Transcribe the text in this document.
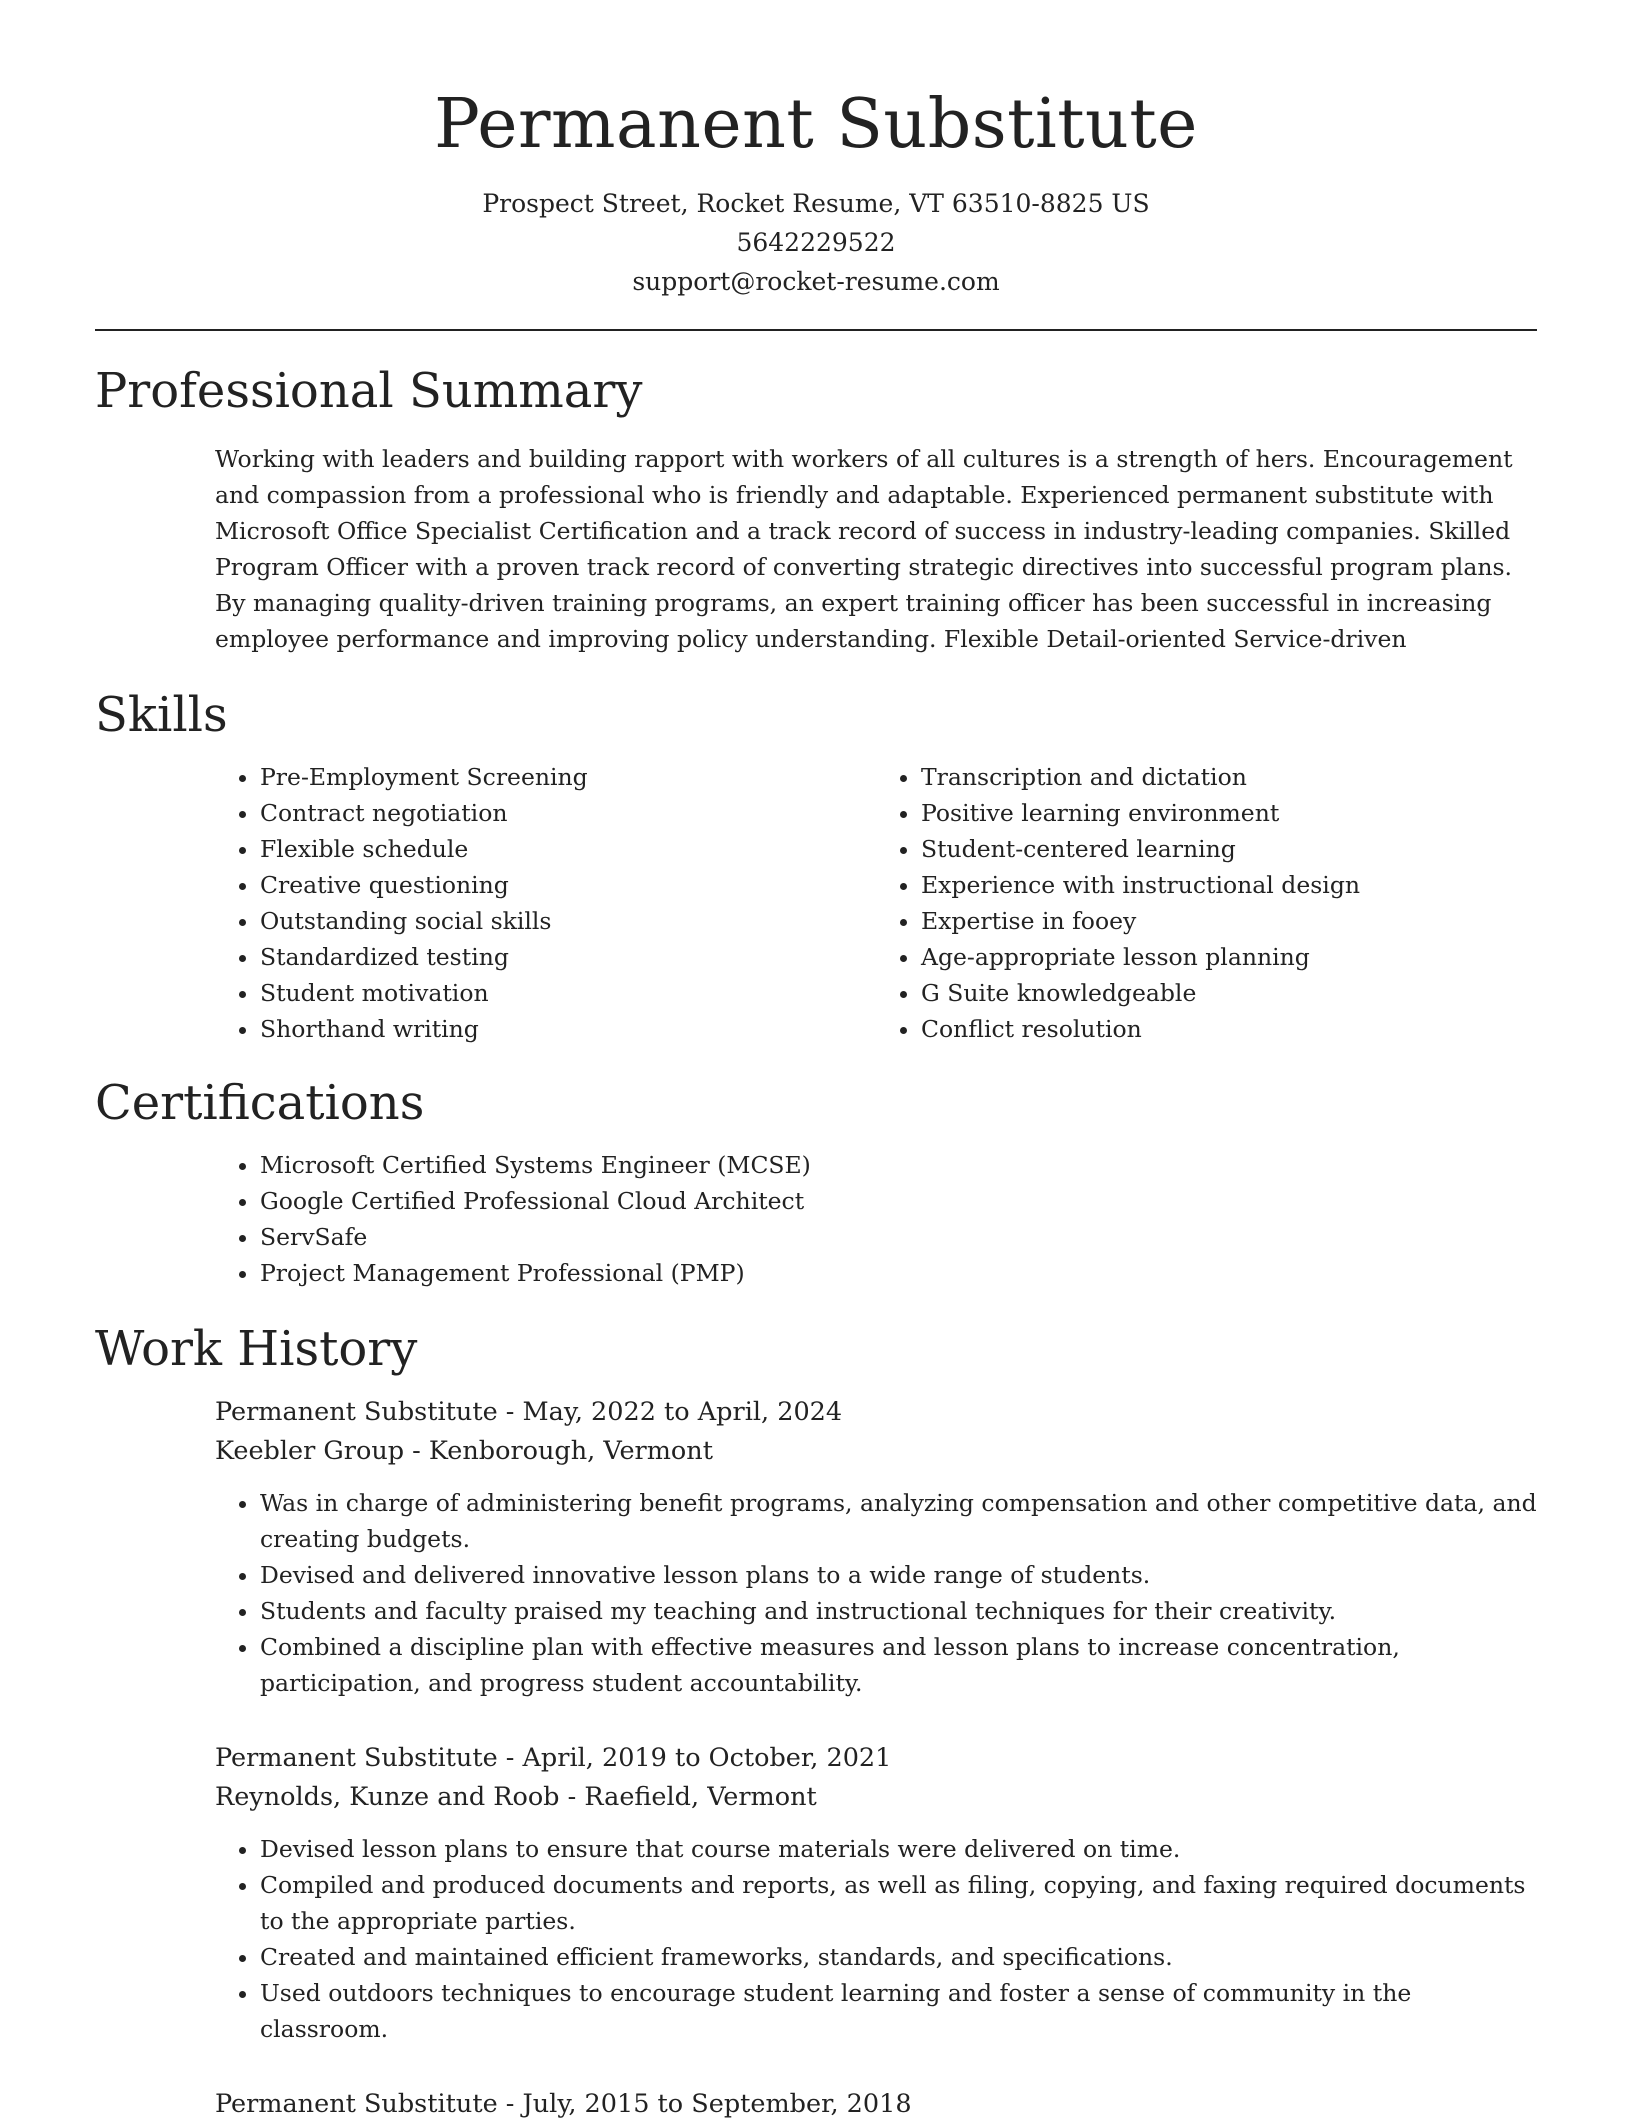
Permanent Substitute
Prospect Street, Rocket Resume, VT 63510-8825 US
5642229522
support@rocket-resume.com
Professional Summary

Working with leaders and building rapport with workers of all cultures is a strength of hers. Encouragement and compassion from a professional who is friendly and adaptable. Experienced permanent substitute with Microsoft Office Specialist Certification and a track record of success in industry-leading companies. Skilled Program Officer with a proven track record of converting strategic directives into successful program plans. By managing quality-driven training programs, an expert training officer has been successful in increasing employee performance and improving policy understanding. Flexible Detail-oriented Service-driven

Skills
• Pre-Employment Screening
• Contract negotiation
• Flexible schedule
• Creative questioning
• Outstanding social skills
• Standardized testing
• Student motivation
• Shorthand writing
• Transcription and dictation
• Positive learning environment
• Student-centered learning
• Experience with instructional design
• Expertise in fooey
• Age-appropriate lesson planning
• G Suite knowledgeable
• Conflict resolution
Certifications
• Microsoft Certified Systems Engineer (MCSE)
• Google Certified Professional Cloud Architect
• ServSafe
• Project Management Professional (PMP)
Work History
Permanent Substitute - May, 2022 to April, 2024
Keebler Group - Kenborough, Vermont
• Was in charge of administering benefit programs, analyzing compensation and other competitive data, and creating budgets.
• Devised and delivered innovative lesson plans to a wide range of students.
• Students and faculty praised my teaching and instructional techniques for their creativity.
• Combined a discipline plan with effective measures and lesson plans to increase concentration, participation, and progress student accountability.
Permanent Substitute - April, 2019 to October, 2021
Reynolds, Kunze and Roob - Raefield, Vermont
• Devised lesson plans to ensure that course materials were delivered on time.
• Compiled and produced documents and reports, as well as filing, copying, and faxing required documents to the appropriate parties.
• Created and maintained efficient frameworks, standards, and specifications.
• Used outdoors techniques to encourage student learning and foster a sense of community in the classroom.
Permanent Substitute - July, 2015 to September, 2018
